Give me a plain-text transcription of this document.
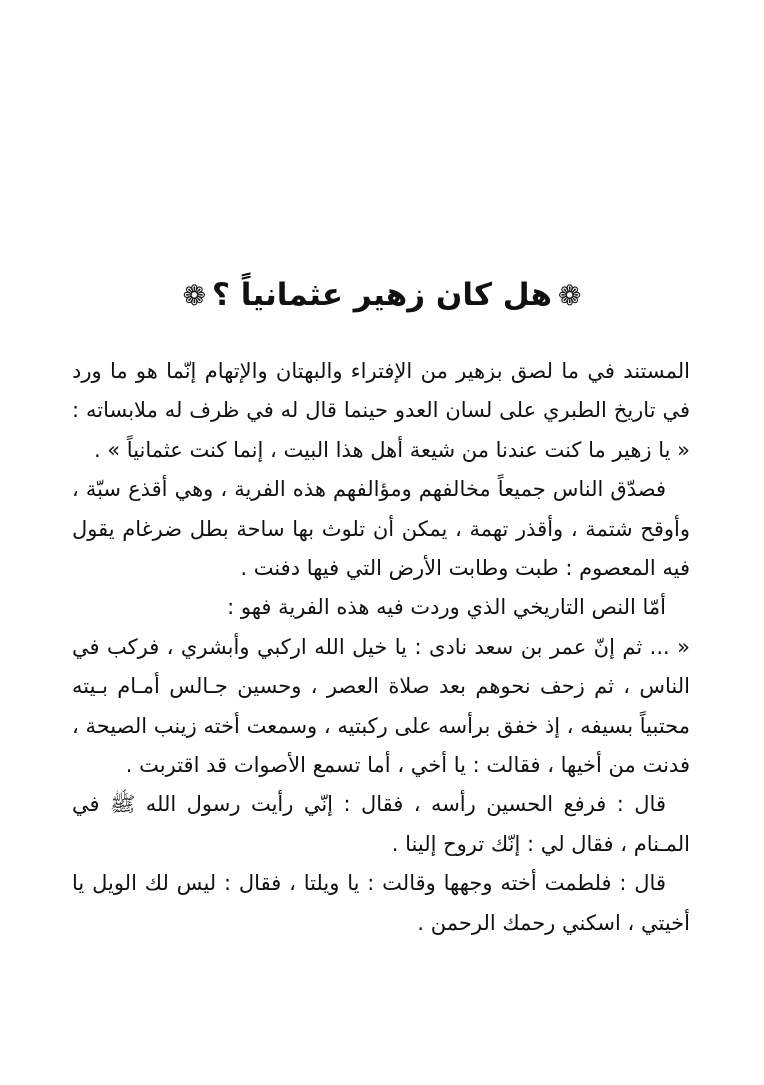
❁هل كان زهير عثمانياً ؟❁

المستند في ما لصق بزهير من الإفتراء والبهتان والإتهام إنّما هو ما ورد في تاريخ الطبري على لسان العدو حينما قال له في ظرف له ملابساته : « يا زهير ما كنت عندنا من شيعة أهل هذا البيت ، إنما كنت عثمانياً » .

فصدّق الناس جميعاً مخالفهم ومؤالفهم هذه الفرية ، وهي أقذع سبّة ، وأوقح شتمة ، وأقذر تهمة ، يمكن أن تلوث بها ساحة بطل ضرغام يقول فيه المعصوم : طبت وطابت الأرض التي فيها دفنت .

أمّا النص التاريخي الذي وردت فيه هذه الفرية فهو :

« ... ثم إنّ عمر بن سعد نادى : يا خيل الله اركبي وأبشري ، فركب في الناس ، ثم زحف نحوهم بعد صلاة العصر ، وحسين جـالس أمـام بـيته محتبياً بسيفه ، إذ خفق برأسه على ركبتيه ، وسمعت أخته زينب الصيحة ، فدنت من أخيها ، فقالت : يا أخي ، أما تسمع الأصوات قد اقتربت .

قال : فرفع الحسين رأسه ، فقال : إنّي رأيت رسول الله ﷺ في المـنام ، فقال لي : إنّك تروح إلينا .

قال : فلطمت أخته وجهها وقالت : يا ويلتا ، فقال : ليس لك الويل يا أخيتي ، اسكني رحمك الرحمن .
